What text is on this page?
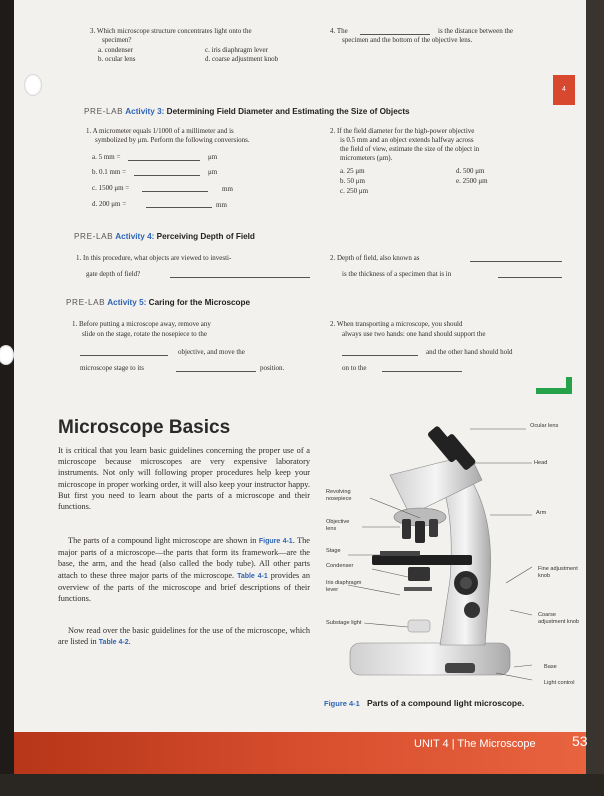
4
3. Which microscope structure concentrates light onto the
specimen?
a. condenser
b. ocular lens
c. iris diaphragm lever
d. coarse adjustment knob
4. The	is the distance between the
specimen and the bottom of the objective lens.
PRE-LAB Activity 3: Determining Field Diameter and Estimating the Size of Objects
1. A micrometer equals 1/1000 of a millimeter and is
symbolized by μm. Perform the following conversions.
a. 5 mm =	μm
b. 0.1 mm =	μm
c. 1500 μm =	mm
d. 200 μm =	mm
2. If the field diameter for the high-power objective
is 0.5 mm and an object extends halfway across
the field of view, estimate the size of the object in
micrometers (μm).
a. 25 μm
b. 50 μm
c. 250 μm
d. 500 μm
e. 2500 μm
PRE-LAB Activity 4: Perceiving Depth of Field
1. In this procedure, what objects are viewed to investi-
gate depth of field?
2. Depth of field, also known as
is the thickness of a specimen that is in
PRE-LAB Activity 5: Caring for the Microscope
1. Before putting a microscope away, remove any
slide on the stage, rotate the nosepiece to the
objective, and move the
microscope stage to its	position.
2. When transporting a microscope, you should
always use two hands: one hand should support the
and the other hand should hold
on to the
Microscope Basics
It is critical that you learn basic guidelines concerning the proper use of a microscope because microscopes are very expensive laboratory instruments. Not only will following proper procedures help keep your microscope in proper working order, it will also keep your instructor happy. But first you need to learn about the parts of a microscope and their functions.
The parts of a compound light microscope are shown in Figure 4-1. The major parts of a microscope—the parts that form its framework—are the base, the arm, and the head (also called the body tube). All other parts attach to these three major parts of the microscope. Table 4-1 provides an overview of the parts of the microscope and brief descriptions of their functions.
Now read over the basic guidelines for the use of the microscope, which are listed in Table 4-2.
Ocular lens
Head
Revolving nosepiece
Arm
Objective lens
Stage
Condenser	Fine adjustment knob
Iris diaphragm lever
Coarse adjustment knob
Substage light
Base
Light control
Figure 4-1 Parts of a compound light microscope.
UNIT 4 | The Microscope	53
